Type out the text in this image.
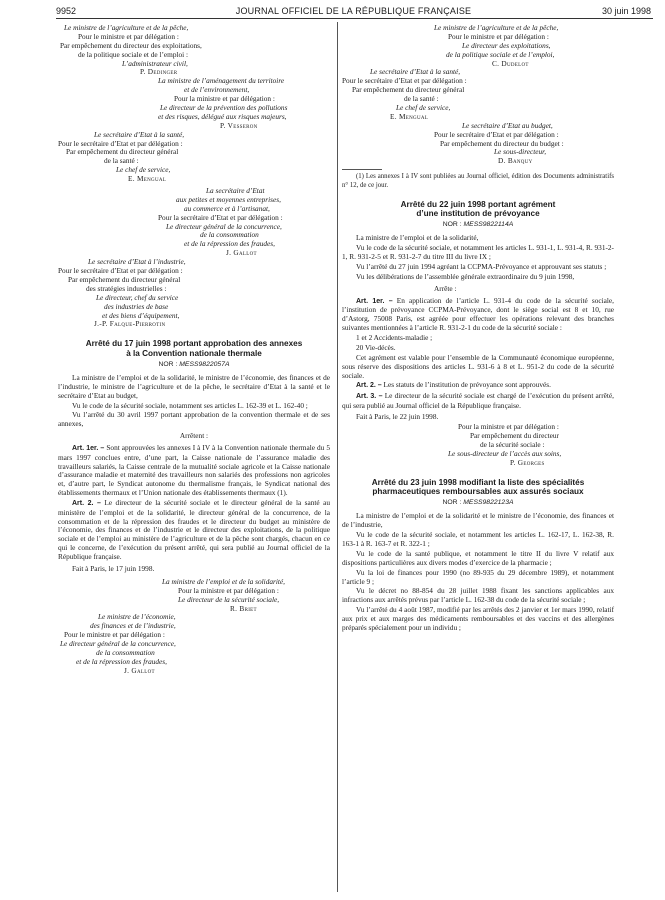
9952	JOURNAL OFFICIEL DE LA RÉPUBLIQUE FRANÇAISE	30 juin 1998
Le ministre de l’agriculture et de la pêche,
Pour le ministre et par délégation :
Par empêchement du directeur des exploitations,
de la politique sociale et de l’emploi :
L’administrateur civil,
P. Dedinger
La ministre de l’aménagement du territoire
et de l’environnement,
Pour la ministre et par délégation :
Le directeur de la prévention des pollutions
et des risques, délégué aux risques majeurs,
P. Vesseron
Le secrétaire d’Etat à la santé,
Pour le secrétaire d’Etat et par délégation :
Par empêchement du directeur général
de la santé :
Le chef de service,
E. Mengual
La secrétaire d’Etat
aux petites et moyennes entreprises,
au commerce et à l’artisanat,
Pour la secrétaire d’Etat et par délégation :
Le directeur général de la concurrence,
de la consommation
et de la répression des fraudes,
J. Gallot
Le secrétaire d’Etat à l’industrie,
Pour le secrétaire d’Etat et par délégation :
Par empêchement du directeur général
des stratégies industrielles :
Le directeur, chef du service
des industries de base
et des biens d’équipement,
J.-P. Falque-Pierrotin
Arrêté du 17 juin 1998 portant approbation des annexes
à la Convention nationale thermale
NOR : MESS9822057A
La ministre de l’emploi et de la solidarité, le ministre de l’économie, des finances et de l’industrie, le ministre de l’agriculture et de la pêche, le secrétaire d’Etat à la santé et le secrétaire d’Etat au budget,
Vu le code de la sécurité sociale, notamment ses articles L. 162-39 et L. 162-40 ;
Vu l’arrêté du 30 avril 1997 portant approbation de la convention thermale et de ses annexes,
Arrêtent :
Art. 1er. – Sont approuvées les annexes I à IV à la Convention nationale thermale du 5 mars 1997 conclues entre, d’une part, la Caisse nationale de l’assurance maladie des travailleurs salariés, la Caisse centrale de la mutualité sociale agricole et la Caisse nationale d’assurance maladie et maternité des travailleurs non salariés des professions non agricoles et, d’autre part, le Syndicat autonome du thermalisme français, le Syndicat national des établissements thermaux et l’Union nationale des établissements thermaux (1).
Art. 2. – Le directeur de la sécurité sociale et le directeur général de la santé au ministère de l’emploi et de la solidarité, le directeur général de la concurrence, de la consommation et de la répression des fraudes et le directeur du budget au ministère de l’économie, des finances et de l’industrie et le directeur des exploitations, de la politique sociale et de l’emploi au ministère de l’agriculture et de la pêche sont chargés, chacun en ce qui le concerne, de l’exécution du présent arrêté, qui sera publié au Journal officiel de la République française.
Fait à Paris, le 17 juin 1998.
La ministre de l’emploi et de la solidarité,
Pour la ministre et par délégation :
Le directeur de la sécurité sociale,
R. Briet
Le ministre de l’économie,
des finances et de l’industrie,
Pour le ministre et par délégation :
Le directeur général de la concurrence,
de la consommation
et de la répression des fraudes,
J. Gallot
Le ministre de l’agriculture et de la pêche,
Pour le ministre et par délégation :
Le directeur des exploitations,
de la politique sociale et de l’emploi,
C. Dudelot
Le secrétaire d’Etat à la santé,
Pour le secrétaire d’Etat et par délégation :
Par empêchement du directeur général
de la santé :
Le chef de service,
E. Mengual
Le secrétaire d’Etat au budget,
Pour le secrétaire d’Etat et par délégation :
Par empêchement du directeur du budget :
Le sous-directeur,
D. Banquy
(1) Les annexes I à IV sont publiées au Journal officiel, édition des Documents administratifs n° 12, de ce jour.
Arrêté du 22 juin 1998 portant agrément
d’une institution de prévoyance
NOR : MESS9822114A
La ministre de l’emploi et de la solidarité,
Vu le code de la sécurité sociale, et notamment les articles L. 931-1, L. 931-4, R. 931-2-1, R. 931-2-5 et R. 931-2-7 du titre III du livre IX ;
Vu l’arrêté du 27 juin 1994 agréant la CCPMA-Prévoyance et approuvant ses statuts ;
Vu les délibérations de l’assemblée générale extraordinaire du 9 juin 1998,
Arrête :
Art. 1er. – En application de l’article L. 931-4 du code de la sécurité sociale, l’institution de prévoyance CCPMA-Prévoyance, dont le siège social est 8 et 10, rue d’Astorg, 75008 Paris, est agréée pour effectuer les opérations relevant des branches suivantes mentionnées à l’article R. 931-2-1 du code de la sécurité sociale :
1 et 2 Accidents-maladie ;
20 Vie-décès.
Cet agrément est valable pour l’ensemble de la Communauté économique européenne, sous réserve des dispositions des articles L. 931-6 à 8 et L. 951-2 du code de la sécurité sociale.
Art. 2. – Les statuts de l’institution de prévoyance sont approuvés.
Art. 3. – Le directeur de la sécurité sociale est chargé de l’exécution du présent arrêté, qui sera publié au Journal officiel de la République française.
Fait à Paris, le 22 juin 1998.
Pour la ministre et par délégation :
Par empêchement du directeur
de la sécurité sociale :
Le sous-directeur de l’accès aux soins,
P. Georges
Arrêté du 23 juin 1998 modifiant la liste des spécialités
pharmaceutiques remboursables aux assurés sociaux
NOR : MESS9822123A
La ministre de l’emploi et de la solidarité et le ministre de l’économie, des finances et de l’industrie,
Vu le code de la sécurité sociale, et notamment les articles L. 162-17, L. 162-38, R. 163-1 à R. 163-7 et R. 322-1 ;
Vu le code de la santé publique, et notamment le titre II du livre V relatif aux dispositions particulières aux divers modes d’exercice de la pharmacie ;
Vu la loi de finances pour 1990 (no 89-935 du 29 décembre 1989), et notamment l’article 9 ;
Vu le décret no 88-854 du 28 juillet 1988 fixant les sanctions applicables aux infractions aux arrêtés prévus par l’article L. 162-38 du code de la sécurité sociale ;
Vu l’arrêté du 4 août 1987, modifié par les arrêtés des 2 janvier et 1er mars 1990, relatif aux prix et aux marges des médicaments remboursables et des vaccins et des allergènes préparés spécialement pour un individu ;
